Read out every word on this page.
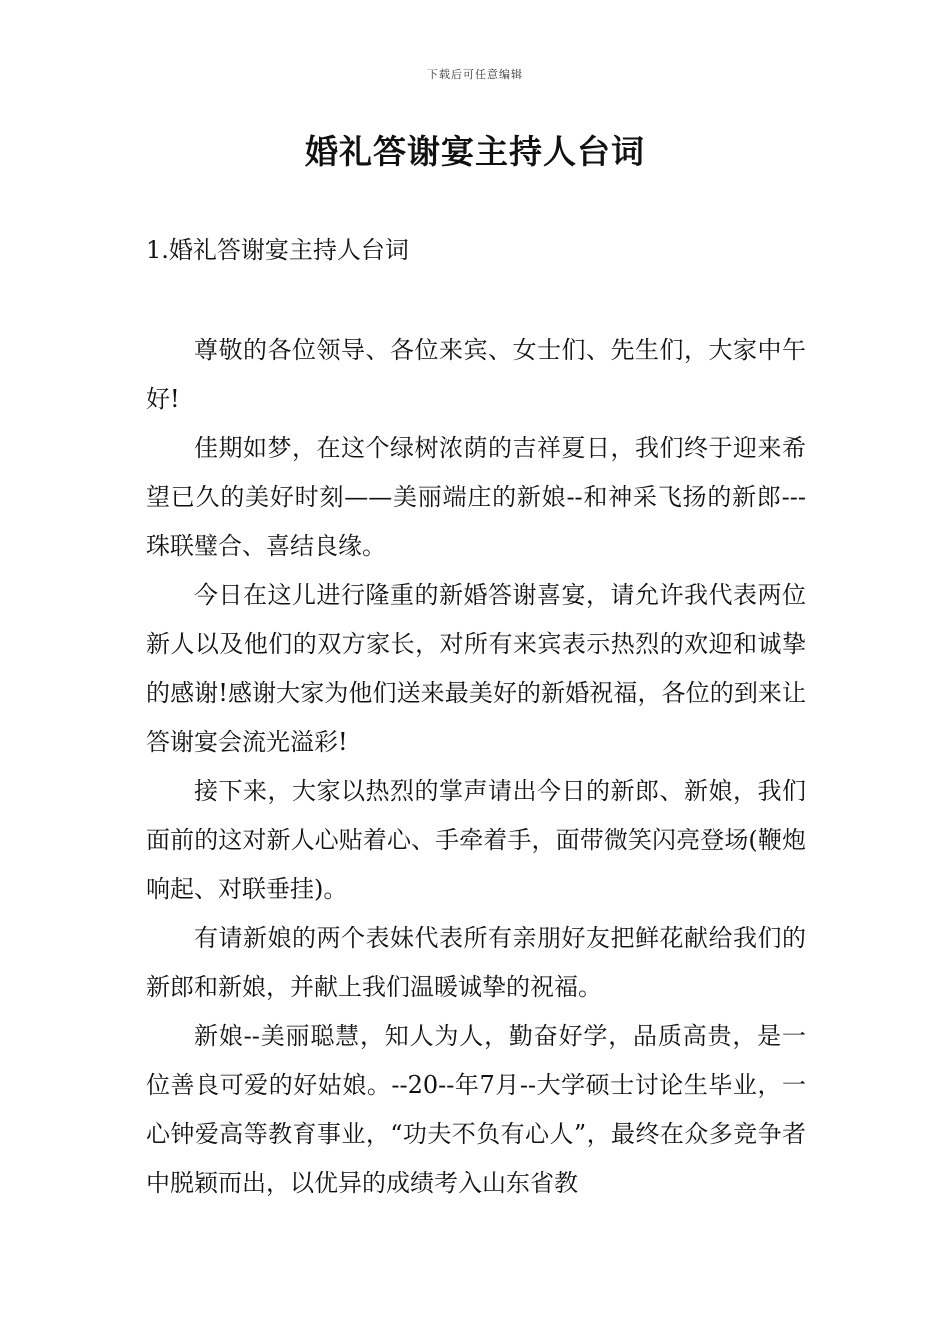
下载后可任意编辑
婚礼答谢宴主持人台词
1.婚礼答谢宴主持人台词

尊敬的各位领导、各位来宾、女士们、先生们，大家中午好!

佳期如梦，在这个绿树浓荫的吉祥夏日，我们终于迎来希望已久的美好时刻——美丽端庄的新娘--和神采飞扬的新郎---珠联璧合、喜结良缘。

今日在这儿进行隆重的新婚答谢喜宴，请允许我代表两位新人以及他们的双方家长，对所有来宾表示热烈的欢迎和诚挚的感谢!感谢大家为他们送来最美好的新婚祝福，各位的到来让答谢宴会流光溢彩!

接下来，大家以热烈的掌声请出今日的新郎、新娘，我们面前的这对新人心贴着心、手牵着手，面带微笑闪亮登场(鞭炮响起、对联垂挂)。

有请新娘的两个表妹代表所有亲朋好友把鲜花献给我们的新郎和新娘，并献上我们温暖诚挚的祝福。

新娘--美丽聪慧，知人为人，勤奋好学，品质高贵，是一位善良可爱的好姑娘。--20--年7月--大学硕士讨论生毕业，一心钟爱高等教育事业，“功夫不负有心人”，最终在众多竞争者中脱颖而出，以优异的成绩考入山东省教
